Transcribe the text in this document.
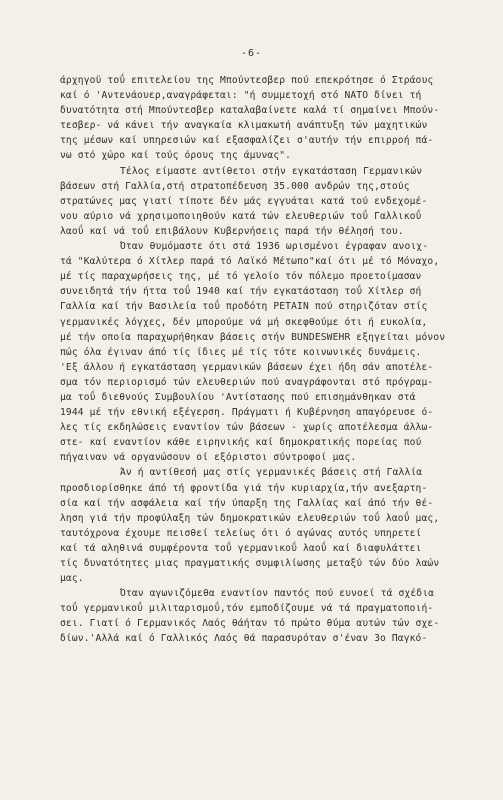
-6-
άρχηγοϋ τοΰ επιτελείου της Μπούντεσβερ πού επεκρότησε ό Στράους
καί ό 'Αντενάουερ,αναγράφεται: "ή συμμετοχή στό ΝΑΤΟ δίνει τή
δυνατότητα στή Μπούντεσβερ καταλαβαίνετε καλά τί σημαίνει Μπούν-
τεσβερ- νά κάνει τήν αναγκαία κλιμακωτή ανάπτυξη τών μαχητικών
της μέσων καί υπηρεσιών καί εξασφαλίζει σ'αυτήν τήν επιρροή πά-
νω στό χώρο καί τούς όρους της άμυνας".
Τέλος είμαστε αντίθετοι στήν εγκατάσταση Γερμανικών
βάσεων στή Γαλλία,στή στρατοπέδευση 35.000 ανδρών της,στούς
στρατώνες μας γιατί τίποτε δέν μάς εγγυάται κατά τού ενδεχομέ-
νου αύριο νά χρησιμοποιηθούν κατά τών ελευθεριών τοΰ Γαλλικοΰ
λαοΰ καί νά τοΰ επιβάλουν Κυβερνήσεις παρά τήν θέλησή του.
Όταν θυμόμαστε ότι στά 1936 ωρισμένοι έγραφαν ανοιχ-
τά "Καλύτερα ό Χίτλερ παρά τό Λαϊκό Μέτωπο"καί ότι μέ τό Μόναχο,
μέ τίς παραχωρήσεις της, μέ τό γελοίο τόν πόλεμο προετοίμασαν
συνειδητά τήν ήττα τοΰ 1940 καί τήν εγκατάσταση τοΰ Χίτλερ σή
Γαλλία καί τήν Βασιλεία τοΰ προδότη PETAIN πού στηριζόταν στίς
γερμανικές λόγχες, δέν μπορούμε νά μή σκεφθούμε ότι ή ευκολία,
μέ τήν οποία παραχωρήθηκαν βάσεις στήν BUNDESWEHR εξηγείται μόνον
πώς όλα έγιναν άπό τίς ίδιες μέ τίς τότε κοινωνικές δυνάμεις.
'Εξ άλλου ή εγκατάσταση γερμανικών βάσεων έχει ήδη σάν αποτέλε-
σμα τόν περιορισμό τών ελευθεριών πού αναγράφονται στό πρόγραμ-
μα τοΰ διεθνούς Συμβουλίου 'Αντίστασης πού επισημάνθηκαν στά
1944 μέ τήν εθνική εξέγερση. Πράγματι ή Κυβέρνηση απαγόρευσε ό-
λες τίς εκδηλώσεις εναντίον τών βάσεων - χωρίς αποτέλεσμα άλλω-
στε- καί εναντίον κάθε ειρηνικής καί δημοκρατικής πορείας πού
πήγαιναν νά οργανώσουν οί εξόριστοι σύντροφοί μας.
Άν ή αντίθεσή μας στίς γερμανικές βάσεις στή Γαλλία
προσδιορίσθηκε άπό τή φροντίδα γιά τήν κυριαρχία,τήν ανεξαρτη-
σία καί τήν ασφάλεια καί τήν ύπαρξη της Γαλλίας καί άπό τήν θέ-
ληση γιά τήν προφύλαξη τών δημοκρατικών ελευθεριών τοΰ λαοΰ μας,
ταυτόχρονα έχουμε πεισθεί τελείως ότι ό αγώνας αυτός υπηρετεί
καί τά αληθινά συμφέροντα τοΰ γερμανικοΰ λαοΰ καί διαφυλάττει
τίς δυνατότητες μιας πραγματικής συμφιλίωσης μεταξύ τών δύο λαών
μας.
Όταν αγωνιζόμεθα εναντίον παντός πού ευνοεί τά σχέδια
τοΰ γερμανικοΰ μιλιταρισμοΰ,τόν εμποδίζουμε νά τά πραγματοποιή-
σει. Γιατί ό Γερμανικός Λαός θάήταν τό πρώτο θύμα αυτών τών σχε-
δίων.'Αλλά καί ό Γαλλικός Λαός θά παρασυρόταν σ'έναν 3ο Παγκό-
